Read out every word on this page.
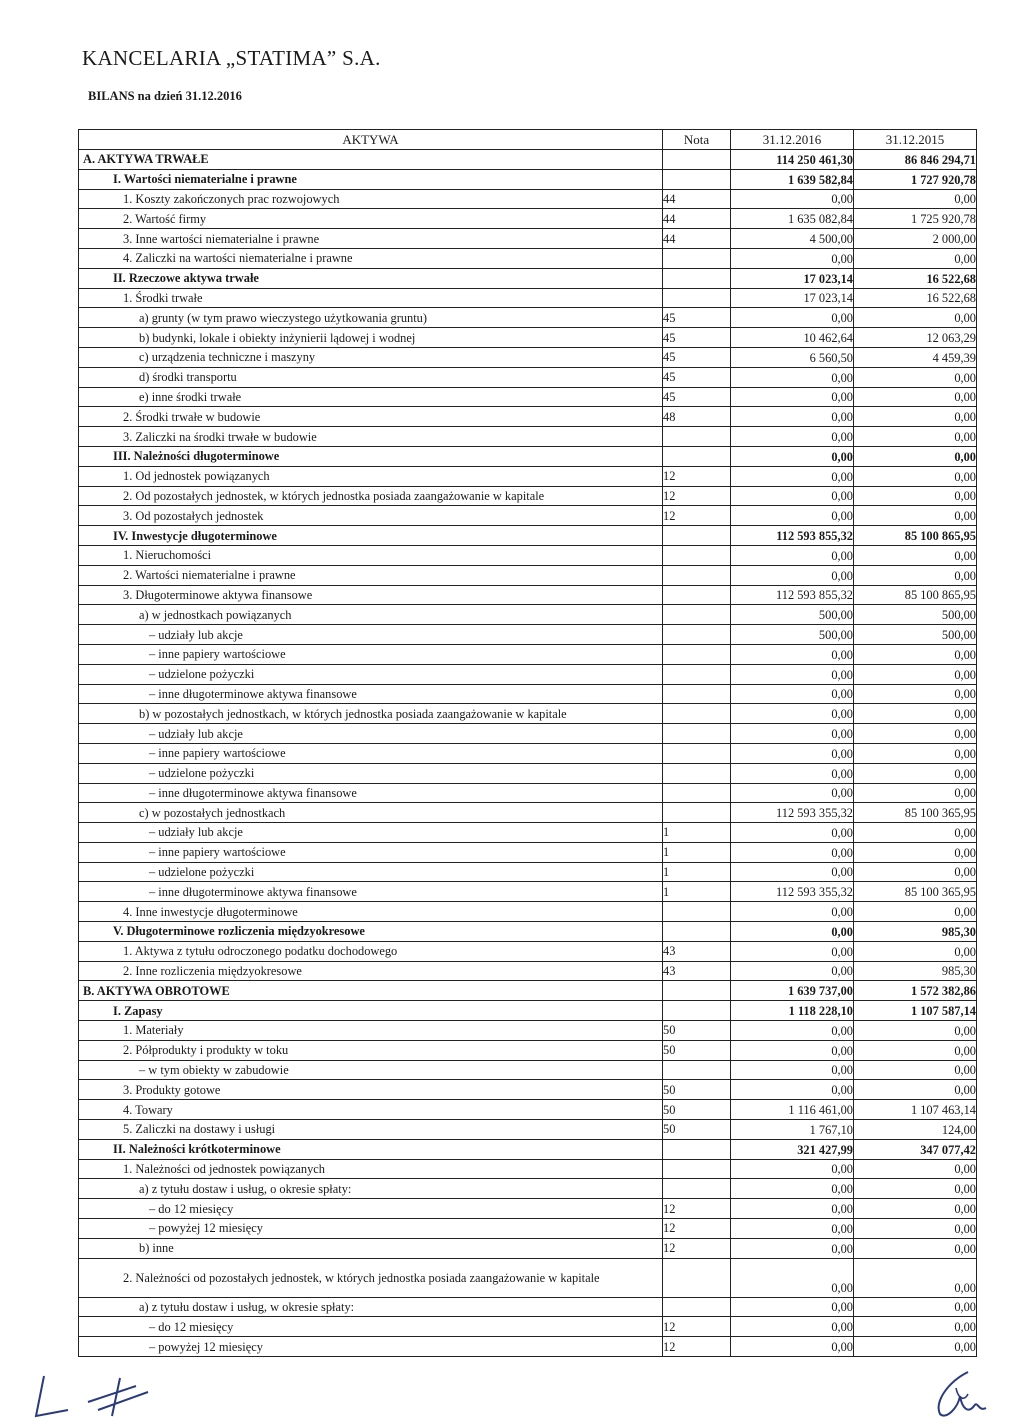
KANCELARIA „STATIMA” S.A.
BILANS na dzień 31.12.2016
AKTYWA	Nota	31.12.2016	31.12.2015
A. AKTYWA TRWAŁE		114 250 461,30	86 846 294,71
I. Wartości niematerialne i prawne		1 639 582,84	1 727 920,78
1. Koszty zakończonych prac rozwojowych	44	0,00	0,00
2. Wartość firmy	44	1 635 082,84	1 725 920,78
3. Inne wartości niematerialne i prawne	44	4 500,00	2 000,00
4. Zaliczki na wartości niematerialne i prawne		0,00	0,00
II. Rzeczowe aktywa trwałe		17 023,14	16 522,68
1. Środki trwałe		17 023,14	16 522,68
a) grunty (w tym prawo wieczystego użytkowania gruntu)	45	0,00	0,00
b) budynki, lokale i obiekty inżynierii lądowej i wodnej	45	10 462,64	12 063,29
c) urządzenia techniczne i maszyny	45	6 560,50	4 459,39
d) środki transportu	45	0,00	0,00
e) inne środki trwałe	45	0,00	0,00
2. Środki trwałe w budowie	48	0,00	0,00
3. Zaliczki na środki trwałe w budowie		0,00	0,00
III. Należności długoterminowe		0,00	0,00
1. Od jednostek powiązanych	12	0,00	0,00
2. Od pozostałych jednostek, w których jednostka posiada zaangażowanie w kapitale	12	0,00	0,00
3. Od pozostałych jednostek	12	0,00	0,00
IV. Inwestycje długoterminowe		112 593 855,32	85 100 865,95
1. Nieruchomości		0,00	0,00
2. Wartości niematerialne i prawne		0,00	0,00
3. Długoterminowe aktywa finansowe		112 593 855,32	85 100 865,95
a) w jednostkach powiązanych		500,00	500,00
– udziały lub akcje		500,00	500,00
– inne papiery wartościowe		0,00	0,00
– udzielone pożyczki		0,00	0,00
– inne długoterminowe aktywa finansowe		0,00	0,00
b) w pozostałych jednostkach, w których jednostka posiada zaangażowanie w kapitale		0,00	0,00
– udziały lub akcje		0,00	0,00
– inne papiery wartościowe		0,00	0,00
– udzielone pożyczki		0,00	0,00
– inne długoterminowe aktywa finansowe		0,00	0,00
c) w pozostałych jednostkach		112 593 355,32	85 100 365,95
– udziały lub akcje	1	0,00	0,00
– inne papiery wartościowe	1	0,00	0,00
– udzielone pożyczki	1	0,00	0,00
– inne długoterminowe aktywa finansowe	1	112 593 355,32	85 100 365,95
4. Inne inwestycje długoterminowe		0,00	0,00
V. Długoterminowe rozliczenia międzyokresowe		0,00	985,30
1. Aktywa z tytułu odroczonego podatku dochodowego	43	0,00	0,00
2. Inne rozliczenia międzyokresowe	43	0,00	985,30
B. AKTYWA OBROTOWE		1 639 737,00	1 572 382,86
I. Zapasy		1 118 228,10	1 107 587,14
1. Materiały	50	0,00	0,00
2. Półprodukty i produkty w toku	50	0,00	0,00
– w tym obiekty w zabudowie		0,00	0,00
3. Produkty gotowe	50	0,00	0,00
4. Towary	50	1 116 461,00	1 107 463,14
5. Zaliczki na dostawy i usługi	50	1 767,10	124,00
II. Należności krótkoterminowe		321 427,99	347 077,42
1. Należności od jednostek powiązanych		0,00	0,00
a) z tytułu dostaw i usług, o okresie spłaty:		0,00	0,00
– do 12 miesięcy	12	0,00	0,00
– powyżej 12 miesięcy	12	0,00	0,00
b) inne	12	0,00	0,00
2. Należności od pozostałych jednostek, w których jednostka posiada zaangażowanie w kapitale		0,00	0,00
a) z tytułu dostaw i usług, w okresie spłaty:		0,00	0,00
– do 12 miesięcy	12	0,00	0,00
– powyżej 12 miesięcy	12	0,00	0,00
